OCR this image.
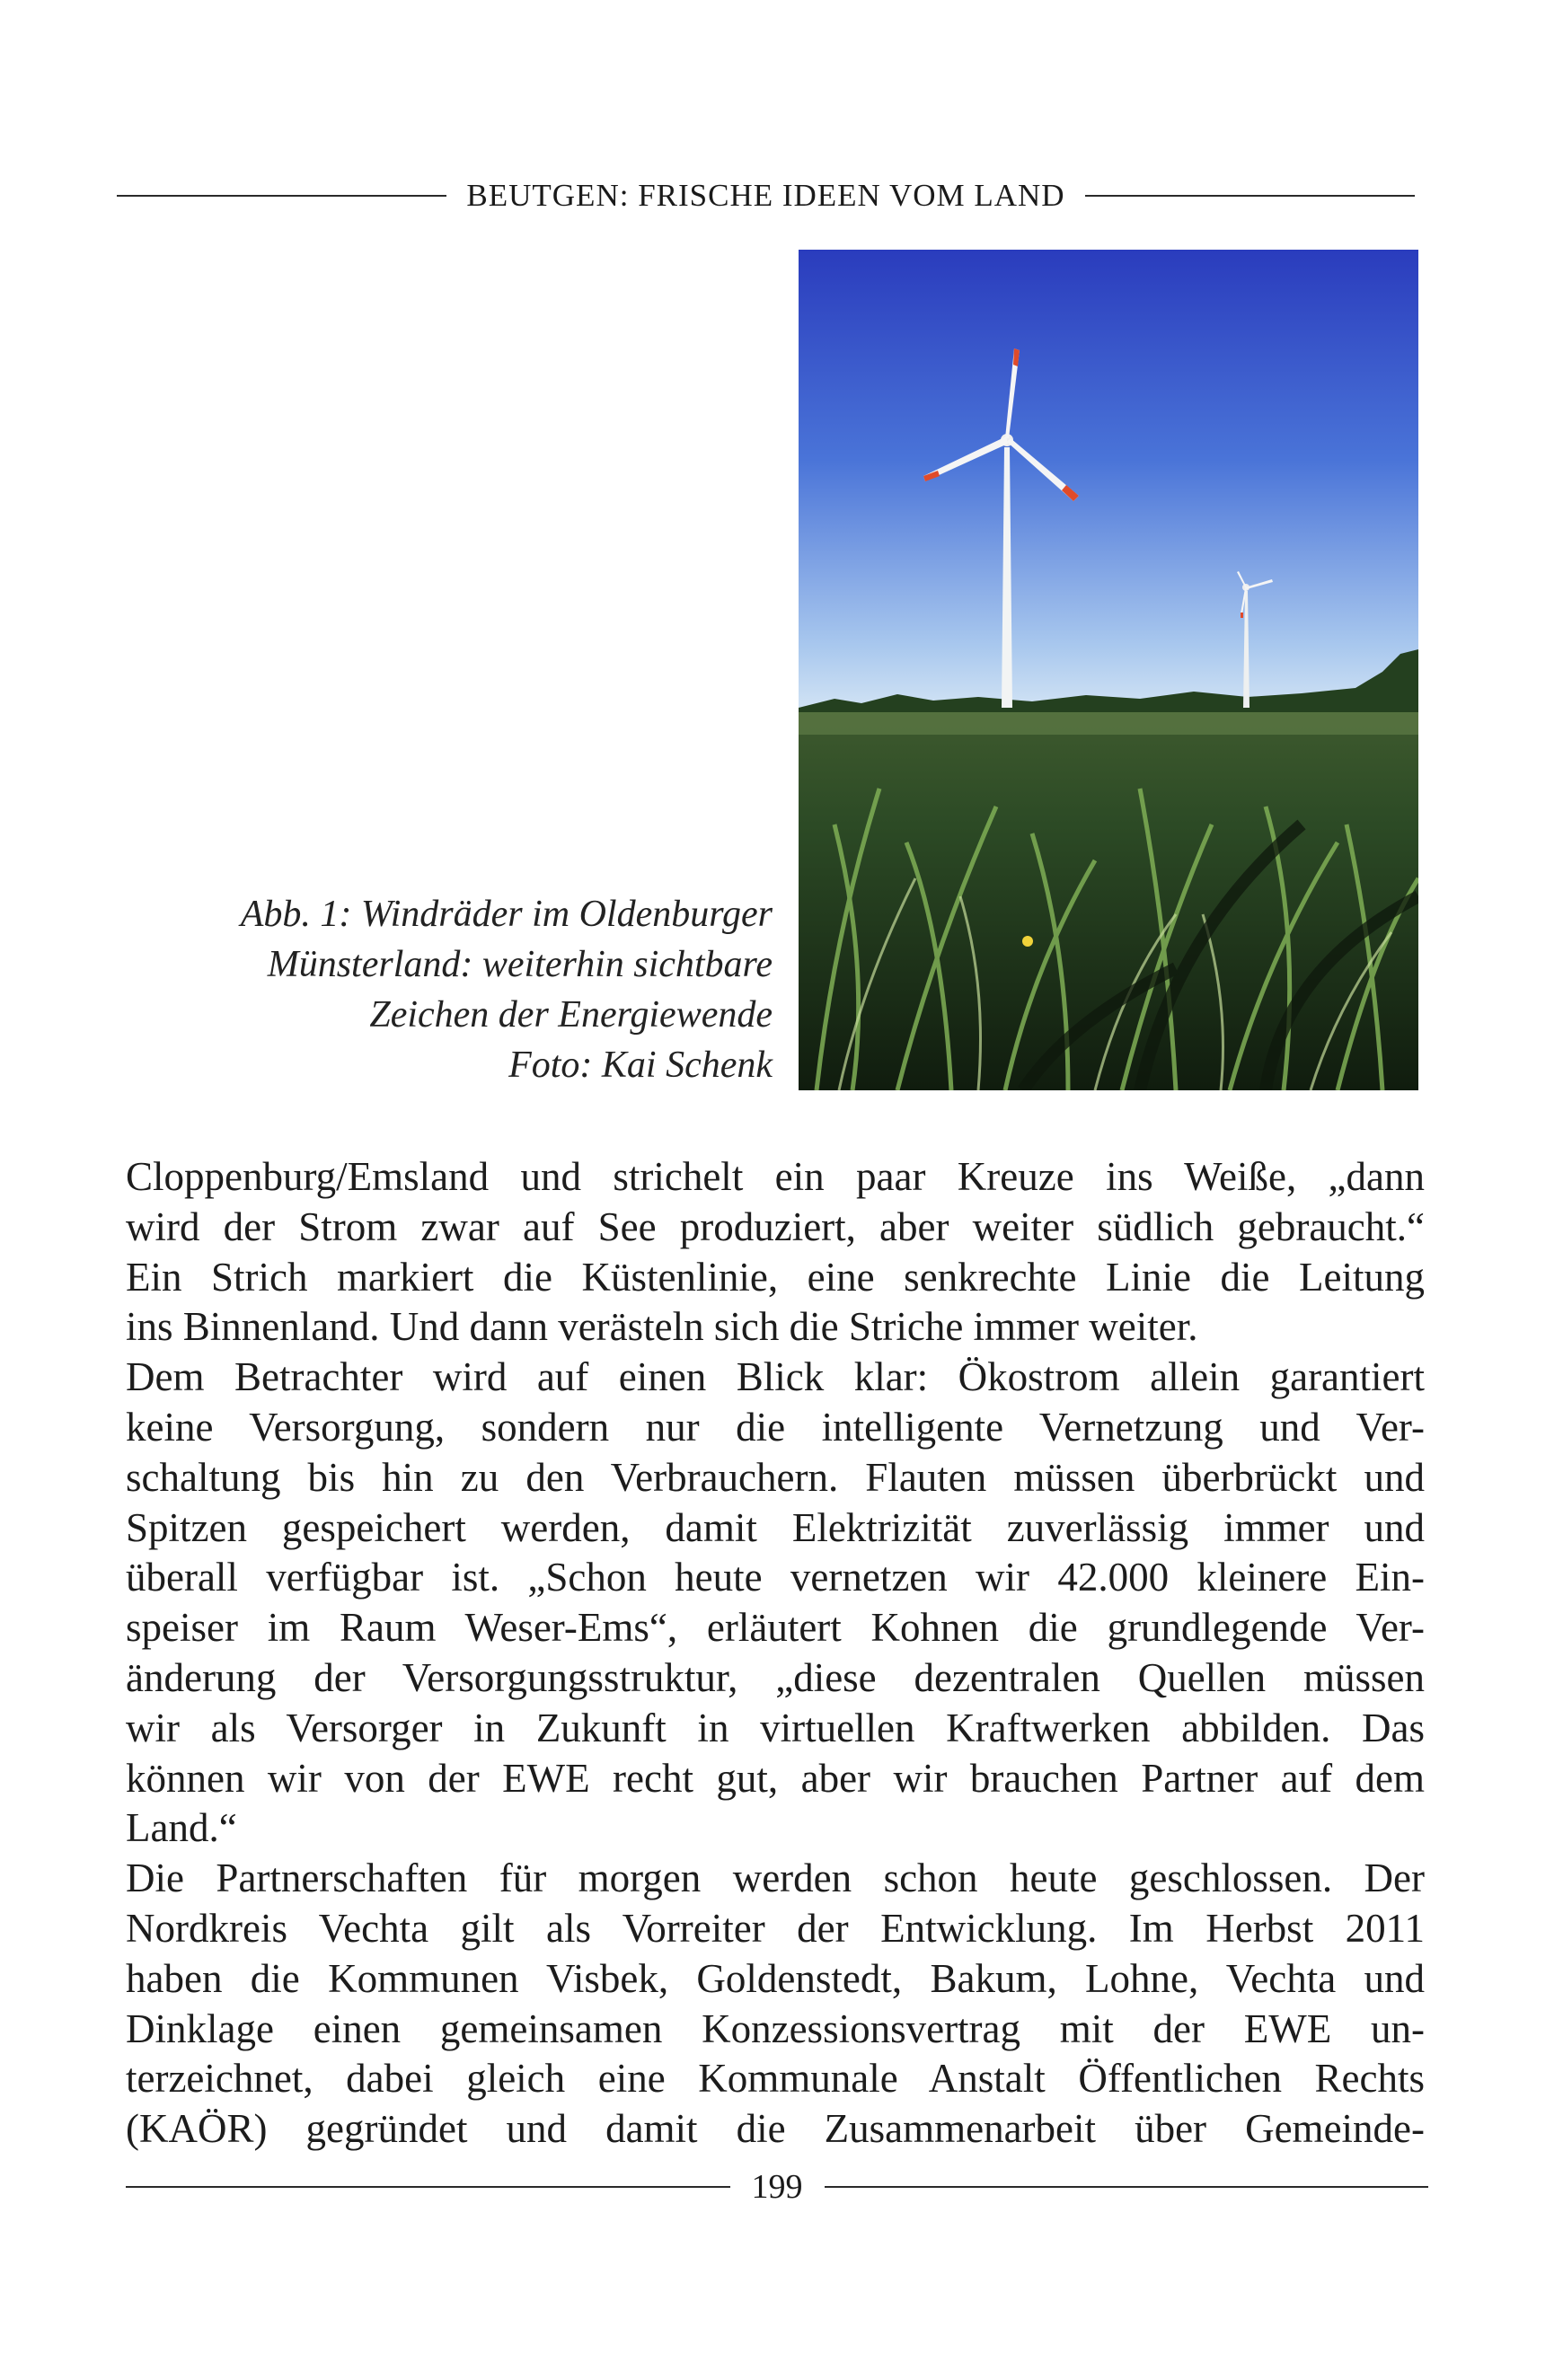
BEUTGEN: FRISCHE IDEEN VOM LAND
Abb. 1: Windräder im Oldenburger
Münsterland: weiterhin sichtbare
Zeichen der Energiewende
Foto: Kai Schenk
Cloppenburg/Emsland und strichelt ein paar Kreuze ins Weiße, „dann
wird der Strom zwar auf See produziert, aber weiter südlich gebraucht.“
Ein Strich markiert die Küstenlinie, eine senkrechte Linie die Leitung
ins Binnenland. Und dann verästeln sich die Striche immer weiter.
Dem Betrachter wird auf einen Blick klar: Ökostrom allein garantiert
keine Versorgung, sondern nur die intelligente Vernetzung und Ver-
schaltung bis hin zu den Verbrauchern. Flauten müssen überbrückt und
Spitzen gespeichert werden, damit Elektrizität zuverlässig immer und
überall verfügbar ist. „Schon heute vernetzen wir 42.000 kleinere Ein-
speiser im Raum Weser-Ems“, erläutert Kohnen die grundlegende Ver-
änderung der Versorgungsstruktur, „diese dezentralen Quellen müssen
wir als Versorger in Zukunft in virtuellen Kraftwerken abbilden. Das
können wir von der EWE recht gut, aber wir brauchen Partner auf dem
Land.“
Die Partnerschaften für morgen werden schon heute geschlossen. Der
Nordkreis Vechta gilt als Vorreiter der Entwicklung. Im Herbst 2011
haben die Kommunen Visbek, Goldenstedt, Bakum, Lohne, Vechta und
Dinklage einen gemeinsamen Konzessionsvertrag mit der EWE un-
terzeichnet, dabei gleich eine Kommunale Anstalt Öffentlichen Rechts
(KAÖR) gegründet und damit die Zusammenarbeit über Gemeinde-
199
